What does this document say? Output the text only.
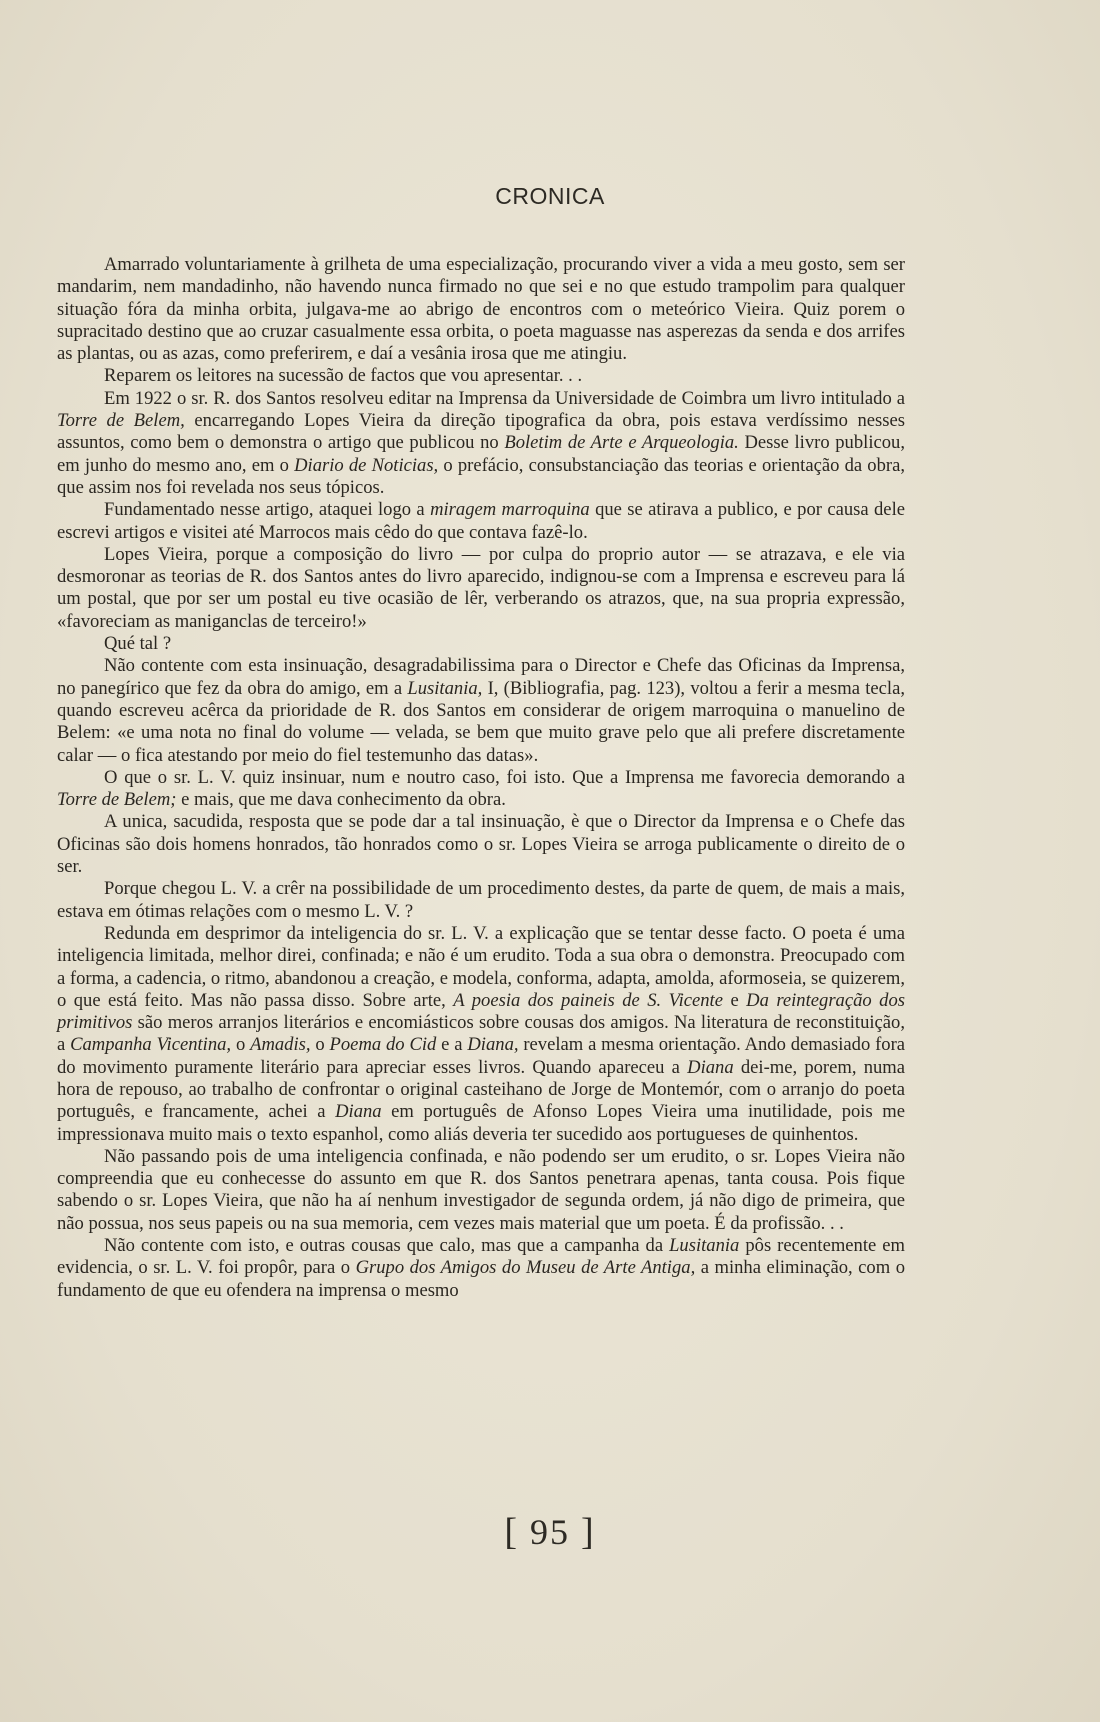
CRONICA

Amarrado voluntariamente à grilheta de uma especialização, procurando viver a vida a meu gosto, sem ser mandarim, nem mandadinho, não havendo nunca firmado no que sei e no que estudo trampolim para qualquer situação fóra da minha orbita, julgava-me ao abrigo de encontros com o meteórico Vieira. Quiz porem o supracitado destino que ao cruzar casualmente essa orbita, o poeta maguasse nas asperezas da senda e dos arrifes as plantas, ou as azas, como preferirem, e daí a vesânia irosa que me atingiu.

Reparem os leitores na sucessão de factos que vou apresentar. . .

Em 1922 o sr. R. dos Santos resolveu editar na Imprensa da Universidade de Coimbra um livro intitulado a Torre de Belem, encarregando Lopes Vieira da direção tipografica da obra, pois estava verdíssimo nesses assuntos, como bem o demonstra o artigo que publicou no Boletim de Arte e Arqueologia. Desse livro publicou, em junho do mesmo ano, em o Diario de Noticias, o prefácio, consubstanciação das teorias e orientação da obra, que assim nos foi revelada nos seus tópicos.

Fundamentado nesse artigo, ataquei logo a miragem marroquina que se atirava a publico, e por causa dele escrevi artigos e visitei até Marrocos mais cêdo do que contava fazê-lo.

Lopes Vieira, porque a composição do livro — por culpa do proprio autor — se atrazava, e ele via desmoronar as teorias de R. dos Santos antes do livro aparecido, indignou-se com a Imprensa e escreveu para lá um postal, que por ser um postal eu tive ocasião de lêr, verberando os atrazos, que, na sua propria expressão, «favoreciam as maniganclas de terceiro!»

Qué tal ?

Não contente com esta insinuação, desagradabilissima para o Director e Chefe das Oficinas da Imprensa, no panegírico que fez da obra do amigo, em a Lusitania, I, (Bibliografia, pag. 123), voltou a ferir a mesma tecla, quando escreveu acêrca da prioridade de R. dos Santos em considerar de origem marroquina o manuelino de Belem: «e uma nota no final do volume — velada, se bem que muito grave pelo que ali prefere discretamente calar — o fica atestando por meio do fiel testemunho das datas».

O que o sr. L. V. quiz insinuar, num e noutro caso, foi isto. Que a Imprensa me favorecia demorando a Torre de Belem; e mais, que me dava conhecimento da obra.

A unica, sacudida, resposta que se pode dar a tal insinuação, è que o Director da Imprensa e o Chefe das Oficinas são dois homens honrados, tão honrados como o sr. Lopes Vieira se arroga publicamente o direito de o ser.

Porque chegou L. V. a crêr na possibilidade de um procedimento destes, da parte de quem, de mais a mais, estava em ótimas relações com o mesmo L. V. ?

Redunda em desprimor da inteligencia do sr. L. V. a explicação que se tentar desse facto. O poeta é uma inteligencia limitada, melhor direi, confinada; e não é um erudito. Toda a sua obra o demonstra. Preocupado com a forma, a cadencia, o ritmo, abandonou a creação, e modela, conforma, adapta, amolda, aformoseia, se quizerem, o que está feito. Mas não passa disso. Sobre arte, A poesia dos paineis de S. Vicente e Da reintegração dos primitivos são meros arranjos literários e encomiásticos sobre cousas dos amigos. Na literatura de reconstituição, a Campanha Vicentina, o Amadis, o Poema do Cid e a Diana, revelam a mesma orientação. Ando demasiado fora do movimento puramente literário para apreciar esses livros. Quando apareceu a Diana dei-me, porem, numa hora de repouso, ao trabalho de confrontar o original casteihano de Jorge de Montemór, com o arranjo do poeta português, e francamente, achei a Diana em português de Afonso Lopes Vieira uma inutilidade, pois me impressionava muito mais o texto espanhol, como aliás deveria ter sucedido aos portugueses de quinhentos.

Não passando pois de uma inteligencia confinada, e não podendo ser um erudito, o sr. Lopes Vieira não compreendia que eu conhecesse do assunto em que R. dos Santos penetrara apenas, tanta cousa. Pois fique sabendo o sr. Lopes Vieira, que não ha aí nenhum investigador de segunda ordem, já não digo de primeira, que não possua, nos seus papeis ou na sua memoria, cem vezes mais material que um poeta. É da profissão. . .

Não contente com isto, e outras cousas que calo, mas que a campanha da Lusitania pôs recentemente em evidencia, o sr. L. V. foi propôr, para o Grupo dos Amigos do Museu de Arte Antiga, a minha eliminação, com o fundamento de que eu ofendera na imprensa o mesmo

[ 95 ]
